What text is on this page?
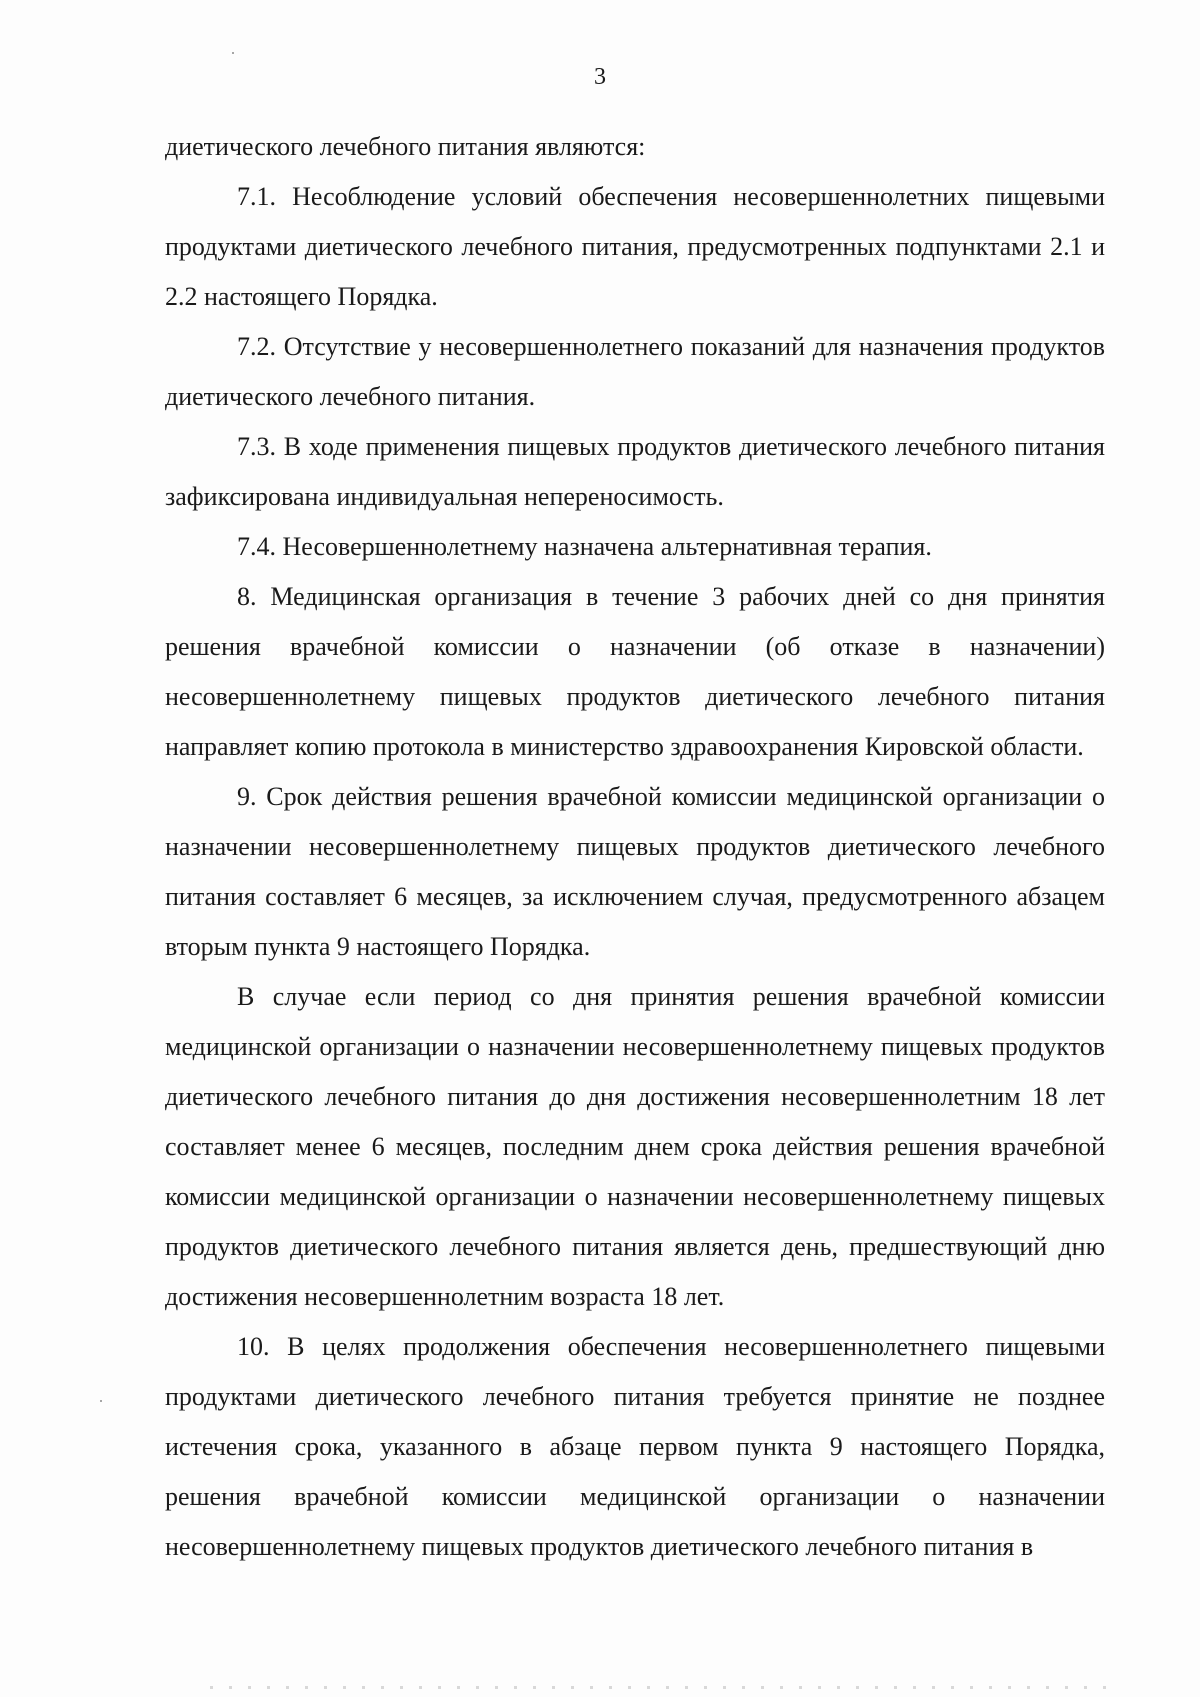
3

диетического лечебного питания являются:

7.1. Несоблюдение условий обеспечения несовершеннолетних пищевыми продуктами диетического лечебного питания, предусмотренных подпунктами 2.1 и 2.2 настоящего Порядка.

7.2. Отсутствие у несовершеннолетнего показаний для назначения продуктов диетического лечебного питания.

7.3. В ходе применения пищевых продуктов диетического лечебного питания зафиксирована индивидуальная непереносимость.

7.4. Несовершеннолетнему назначена альтернативная терапия.

8. Медицинская организация в течение 3 рабочих дней со дня принятия решения врачебной комиссии о назначении (об отказе в назначении) несовершеннолетнему пищевых продуктов диетического лечебного питания направляет копию протокола в министерство здравоохранения Кировской области.

9. Срок действия решения врачебной комиссии медицинской организации о назначении несовершеннолетнему пищевых продуктов диетического лечебного питания составляет 6 месяцев, за исключением случая, предусмотренного абзацем вторым пункта 9 настоящего Порядка.

В случае если период со дня принятия решения врачебной комиссии медицинской организации о назначении несовершеннолетнему пищевых продуктов диетического лечебного питания до дня достижения несовершеннолетним 18 лет составляет менее 6 месяцев, последним днем срока действия решения врачебной комиссии медицинской организации о назначении несовершеннолетнему пищевых продуктов диетического лечебного питания является день, предшествующий дню достижения несовершеннолетним возраста 18 лет.

10. В целях продолжения обеспечения несовершеннолетнего пищевыми продуктами диетического лечебного питания требуется принятие не позднее истечения срока, указанного в абзаце первом пункта 9 настоящего Порядка, решения врачебной комиссии медицинской организации о назначении несовершеннолетнему пищевых продуктов диетического лечебного питания в
